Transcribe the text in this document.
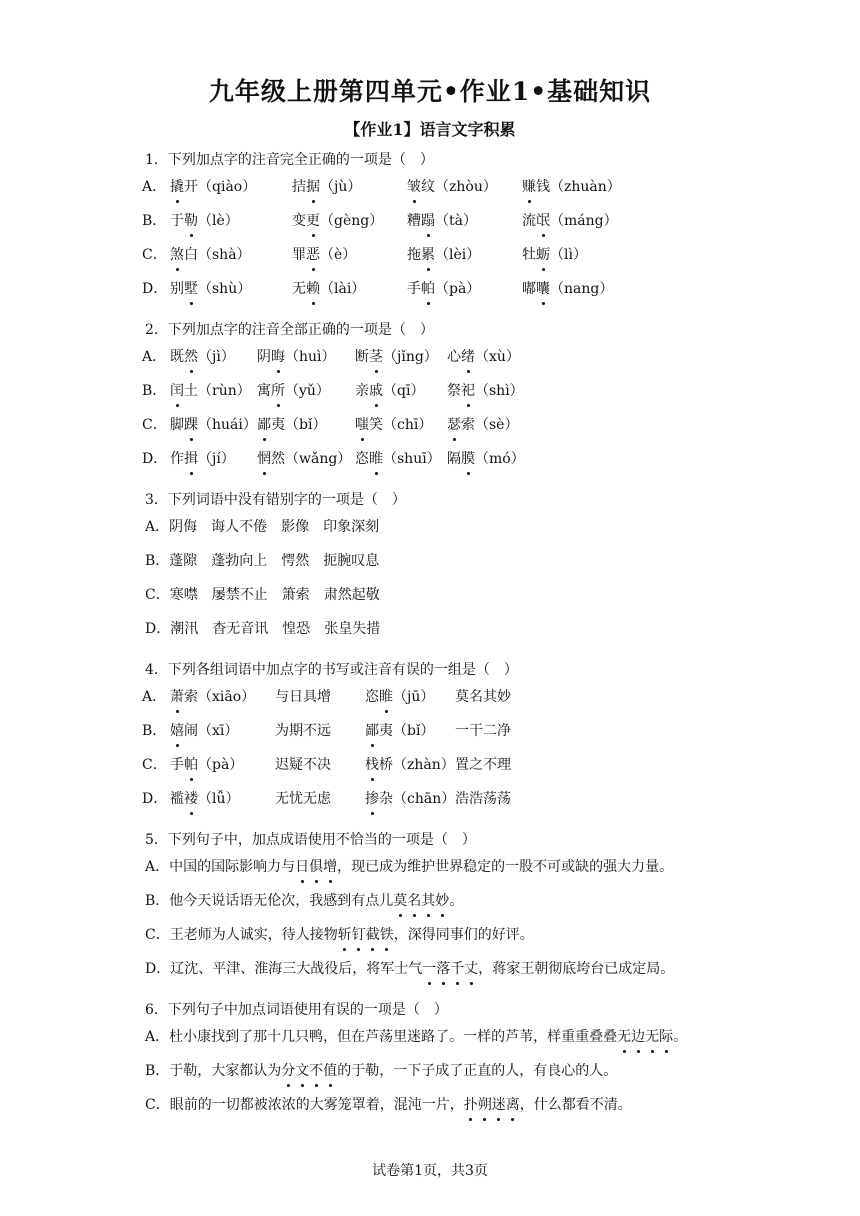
九年级上册第四单元•作业1•基础知识
【作业1】语言文字积累
1．下列加点字的注音完全正确的一项是（　）
A． 撬开（qiào）	拮据（jù）	皱纹（zhòu） 赚钱（zhuàn）
B． 于勒（lè）	变更（gèng） 糟蹋（tà）	流氓（máng）
C． 煞白（shà）	罪恶（è）	拖累（lèi）	牡蛎（lì）
D． 别墅（shù）	无赖（lài）	手帕（pà）	嘟囔（nang）
2．下列加点字的注音全部正确的一项是（　）
A． 既然（jì） 阴晦（huì） 断茎（jǐng） 心绪（xù）
B． 闰土（rùn） 寓所（yǔ） 亲戚（qī） 祭祀（shì）
C． 脚踝（huái） 鄙夷（bǐ） 嗤笑（chī） 瑟索（sè）
D． 作揖（jí） 惘然（wǎng） 恣睢（shuī） 隔膜（mó）
3．下列词语中没有错别字的一项是（　）
A．阴侮　诲人不倦　影像　印象深刻
B．蓬隙　蓬勃向上　愕然　扼腕叹息
C．寒噤　屡禁不止　箫索　肃然起敬
D．潮汛　杳无音讯　惶恐　张皇失措
4．下列各组词语中加点字的书写或注音有误的一组是（　）
A． 萧索（xiāo） 与日具增 恣睢（jū） 莫名其妙
B． 嬉闹（xī）	为期不远 鄙夷（bǐ） 一干二净
C． 手帕（pà） 迟疑不决 栈桥（zhàn） 置之不理
D． 褴褛（lǚ）	无忧无虑 掺杂（chān） 浩浩荡荡
5．下列句子中，加点成语使用不恰当的一项是（　）
A．中国的国际影响力与日俱增，现已成为维护世界稳定的一股不可或缺的强大力量。
B．他今天说话语无伦次，我感到有点儿莫名其妙。
C．王老师为人诚实，待人接物斩钉截铁，深得同事们的好评。
D．辽沈、平津、淮海三大战役后，将军士气一落千丈，蒋家王朝彻底垮台已成定局。
6．下列句子中加点词语使用有误的一项是（　）
A．杜小康找到了那十几只鸭，但在芦荡里迷路了。一样的芦苇，样重重叠叠无边无际。
B．于勒，大家都认为分文不值的于勒，一下子成了正直的人，有良心的人。
C．眼前的一切都被浓浓的大雾笼罩着，混沌一片，扑朔迷离，什么都看不清。
试卷第1页，共3页
